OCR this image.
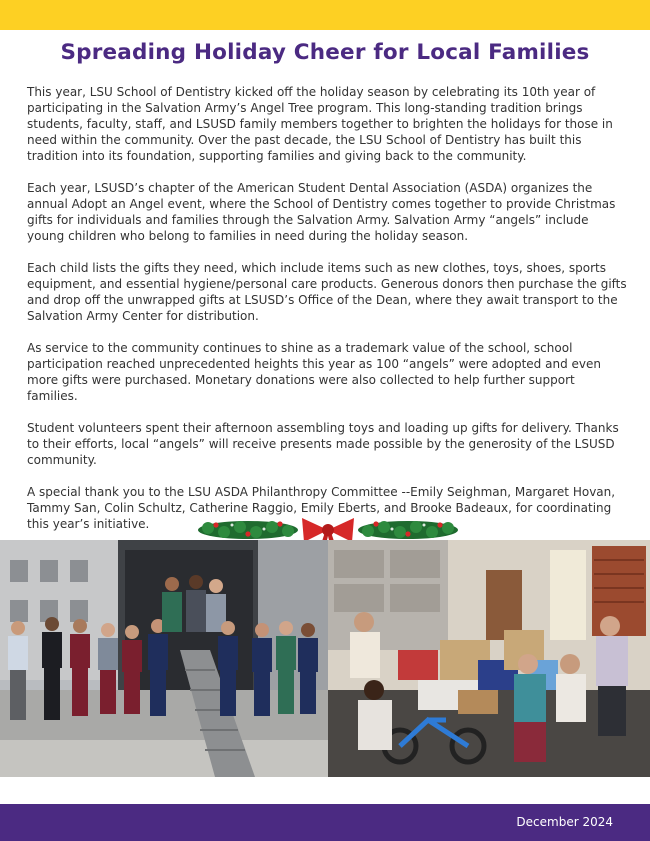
Spreading Holiday Cheer for Local Families

This year, LSU School of Dentistry kicked off the holiday season by celebrating its 10th year of participating in the Salvation Army’s Angel Tree program. This long-standing tradition brings students, faculty, staff, and LSUSD family members together to brighten the holidays for those in need within the community. Over the past decade, the LSU School of Dentistry has built this tradition into its foundation, supporting families and giving back to the community.

Each year, LSUSD’s chapter of the American Student Dental Association (ASDA) organizes the annual Adopt an Angel event, where the School of Dentistry comes together to provide Christmas gifts for individuals and families through the Salvation Army. Salvation Army “angels” include young children who belong to families in need during the holiday season.

Each child lists the gifts they need, which include items such as new clothes, toys, shoes, sports equipment, and essential hygiene/personal care products. Generous donors then purchase the gifts and drop off the unwrapped gifts at LSUSD’s Office of the Dean, where they await transport to the Salvation Army Center for distribution.

As service to the community continues to shine as a trademark value of the school, school participation reached unprecedented heights this year as 100 “angels” were adopted and even more gifts were purchased. Monetary donations were also collected to help further support families.

Student volunteers spent their afternoon assembling toys and loading up gifts for delivery. Thanks to their efforts, local “angels” will receive presents made possible by the generosity of the LSUSD community.

A special thank you to the LSU ASDA Philanthropy Committee --Emily Seighman, Margaret Hovan, Tammy San, Colin Schultz, Catherine Raggio, Emily Eberts, and Brooke Badeaux, for coordinating this year’s initiative.

December 2024
